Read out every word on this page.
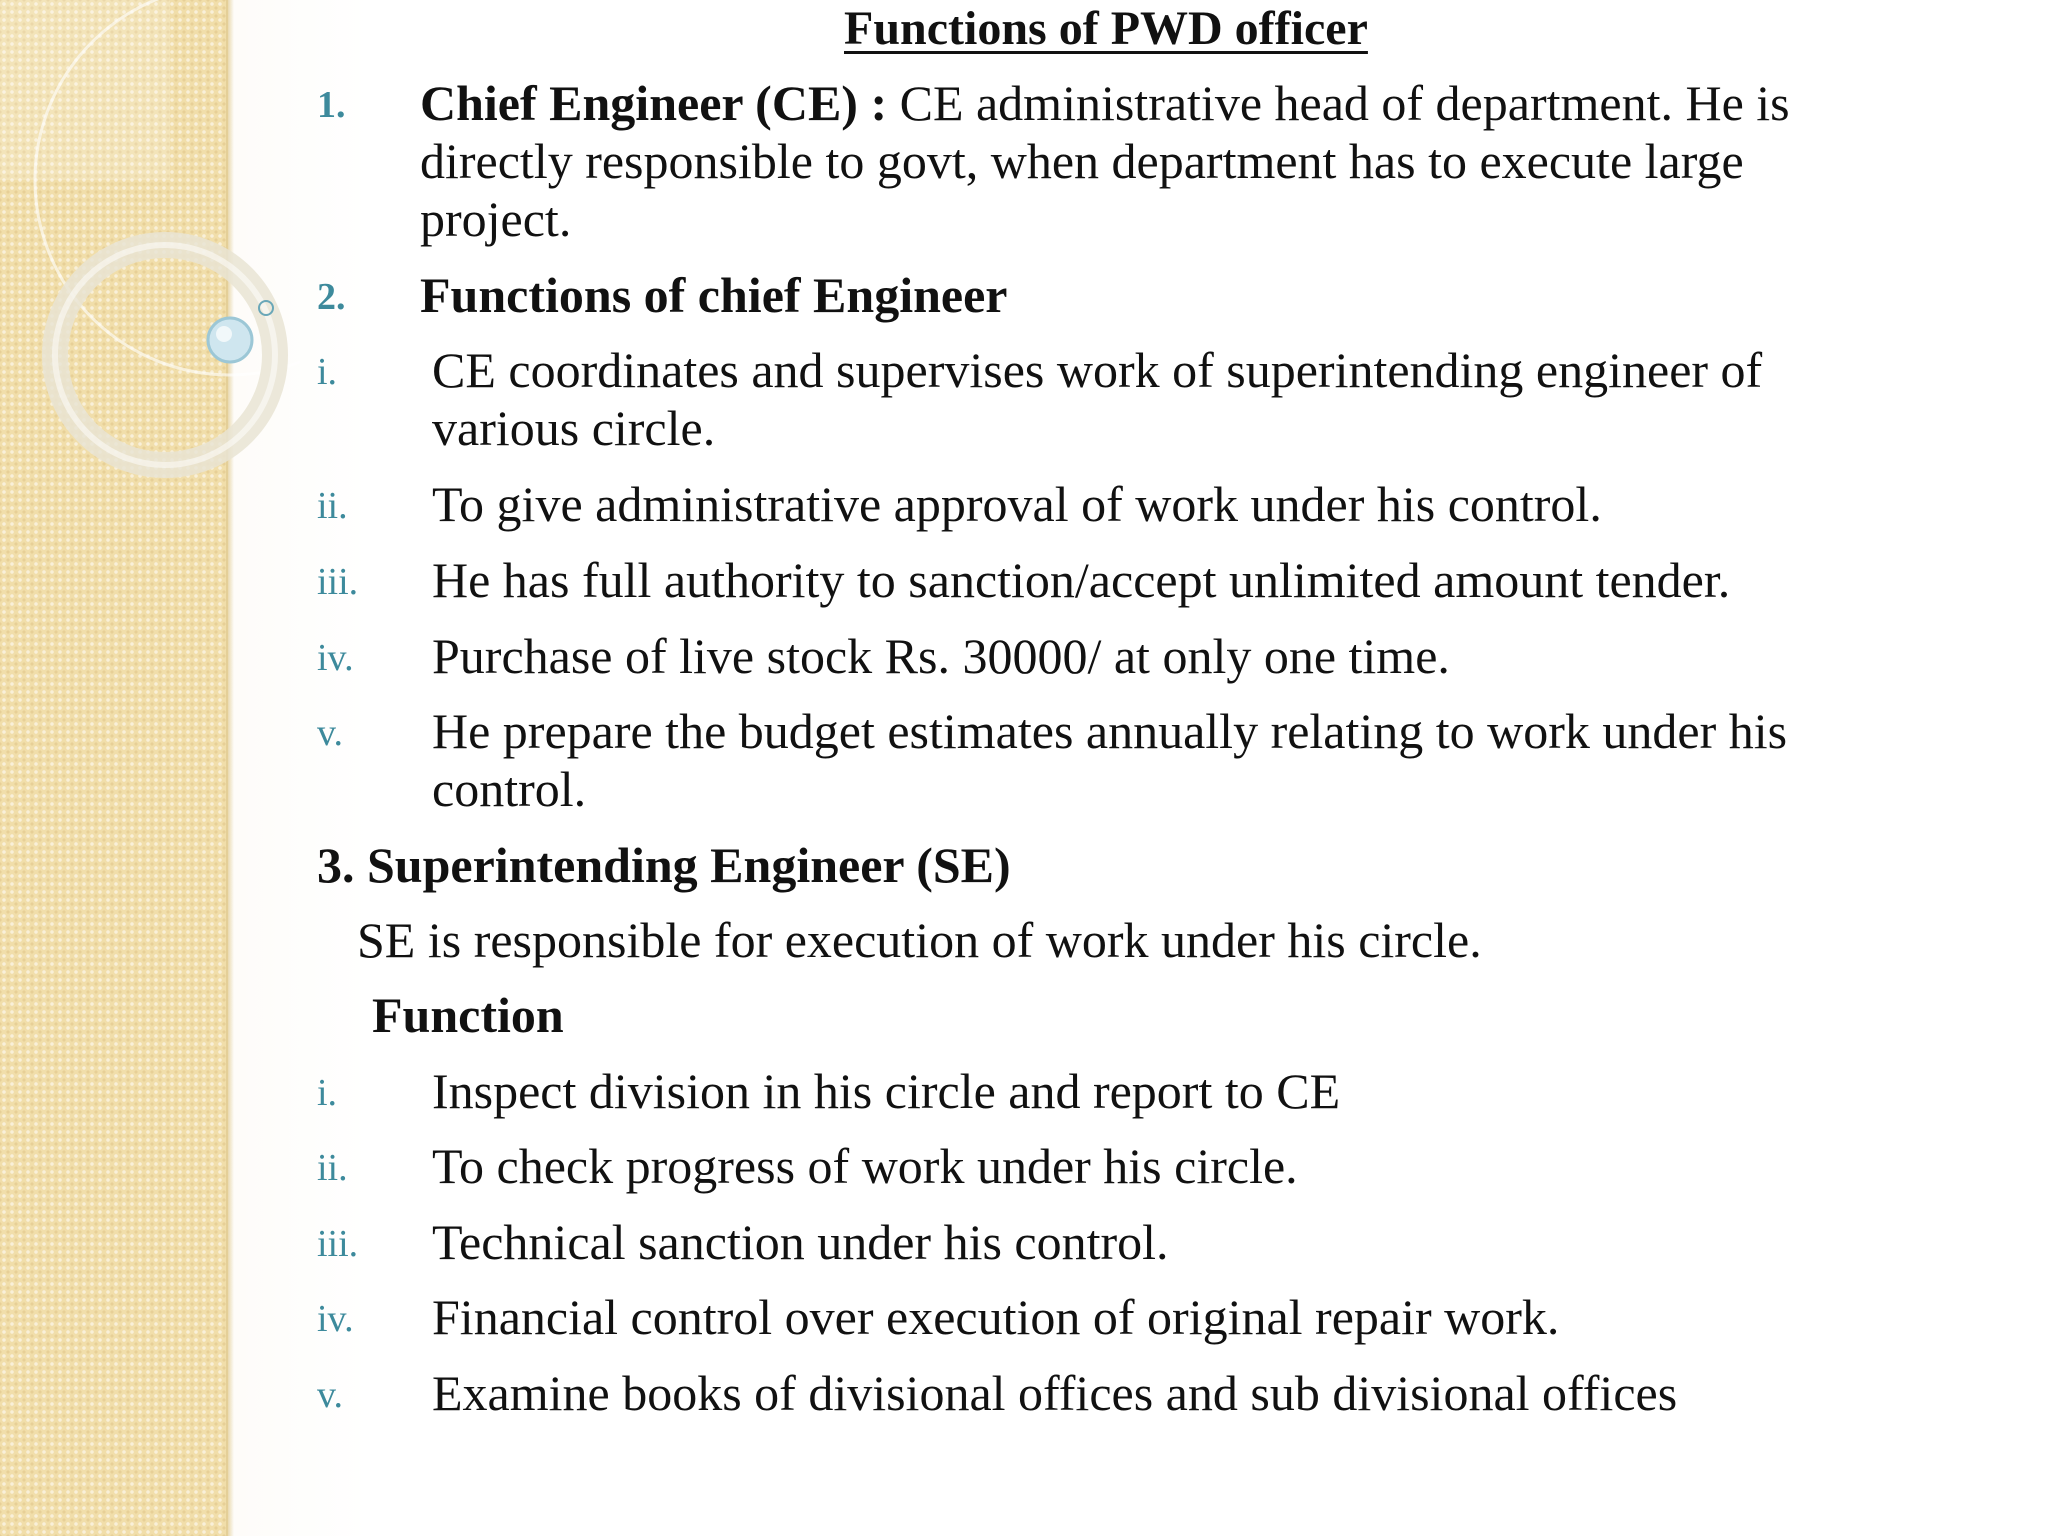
Functions of PWD officer
1. Chief Engineer (CE) : CE administrative head of department. He is directly responsible to govt, when department has to execute large project.
2. Functions of chief Engineer
i. CE coordinates and supervises work of superintending engineer of various circle.
ii. To give administrative approval of work under his control.
iii. He has full authority to sanction/accept unlimited amount tender.
iv. Purchase of live stock Rs. 30000/ at only one time.
v. He prepare the budget estimates annually relating to work under his control.
3. Superintending Engineer (SE)
SE is responsible for execution of work under his circle.
Function
i. Inspect division in his circle and report to CE
ii. To check progress of work under his circle.
iii. Technical sanction under his control.
iv. Financial control over execution of original repair work.
v. Examine books of divisional offices and sub divisional offices
